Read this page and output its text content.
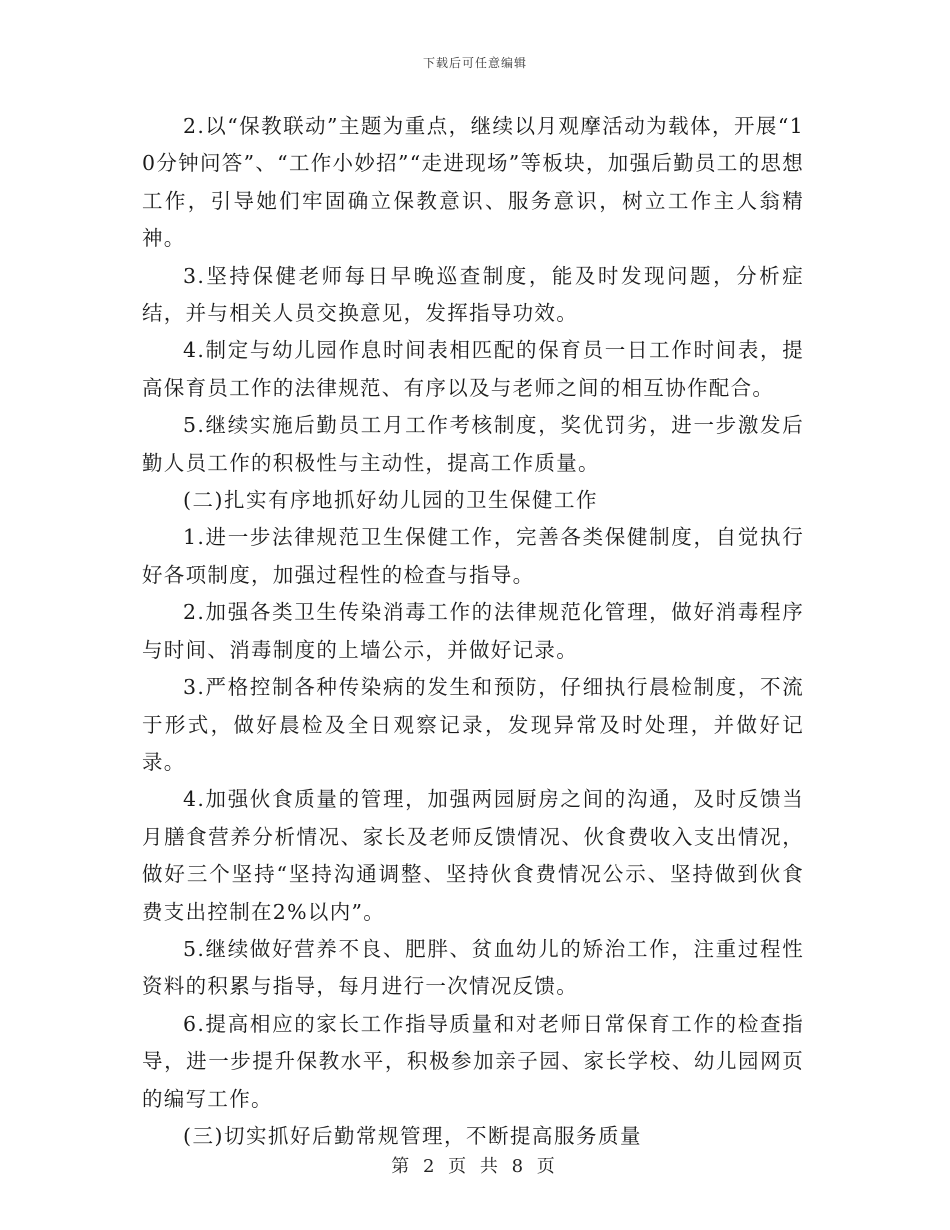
下载后可任意编辑

2.以“保教联动”主题为重点，继续以月观摩活动为载体，开展“10分钟问答”、“工作小妙招”“走进现场”等板块，加强后勤员工的思想工作，引导她们牢固确立保教意识、服务意识，树立工作主人翁精神。

3.坚持保健老师每日早晚巡查制度，能及时发现问题，分析症结，并与相关人员交换意见，发挥指导功效。

4.制定与幼儿园作息时间表相匹配的保育员一日工作时间表，提高保育员工作的法律规范、有序以及与老师之间的相互协作配合。

5.继续实施后勤员工月工作考核制度，奖优罚劣，进一步激发后勤人员工作的积极性与主动性，提高工作质量。

(二)扎实有序地抓好幼儿园的卫生保健工作

1.进一步法律规范卫生保健工作，完善各类保健制度，自觉执行好各项制度，加强过程性的检查与指导。

2.加强各类卫生传染消毒工作的法律规范化管理，做好消毒程序与时间、消毒制度的上墙公示，并做好记录。

3.严格控制各种传染病的发生和预防，仔细执行晨检制度，不流于形式，做好晨检及全日观察记录，发现异常及时处理，并做好记录。

4.加强伙食质量的管理，加强两园厨房之间的沟通，及时反馈当月膳食营养分析情况、家长及老师反馈情况、伙食费收入支出情况，做好三个坚持“坚持沟通调整、坚持伙食费情况公示、坚持做到伙食费支出控制在2%以内”。

5.继续做好营养不良、肥胖、贫血幼儿的矫治工作，注重过程性资料的积累与指导，每月进行一次情况反馈。

6.提高相应的家长工作指导质量和对老师日常保育工作的检查指导，进一步提升保教水平，积极参加亲子园、家长学校、幼儿园网页的编写工作。

(三)切实抓好后勤常规管理，不断提高服务质量

第 2 页 共 8 页
